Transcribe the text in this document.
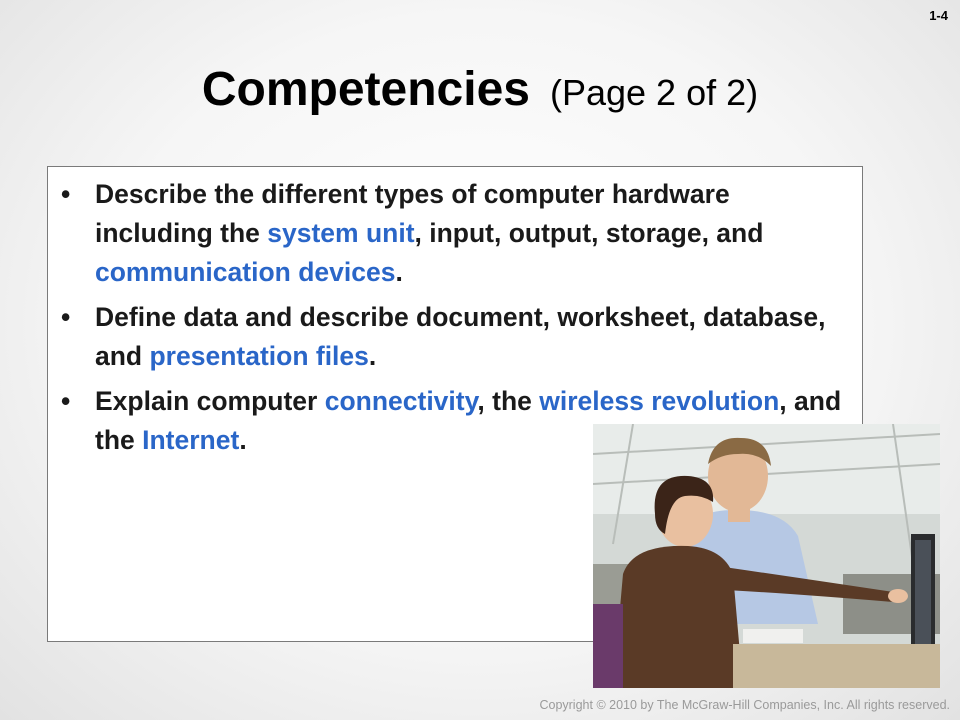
1-4
Competencies (Page 2 of 2)
• Describe the different types of computer hardware including the system unit, input, output, storage, and communication devices.
• Define data and describe document, worksheet, database, and presentation files.
• Explain computer connectivity, the wireless revolution, and the Internet.
Copyright © 2010 by The McGraw-Hill Companies, Inc. All rights reserved.
